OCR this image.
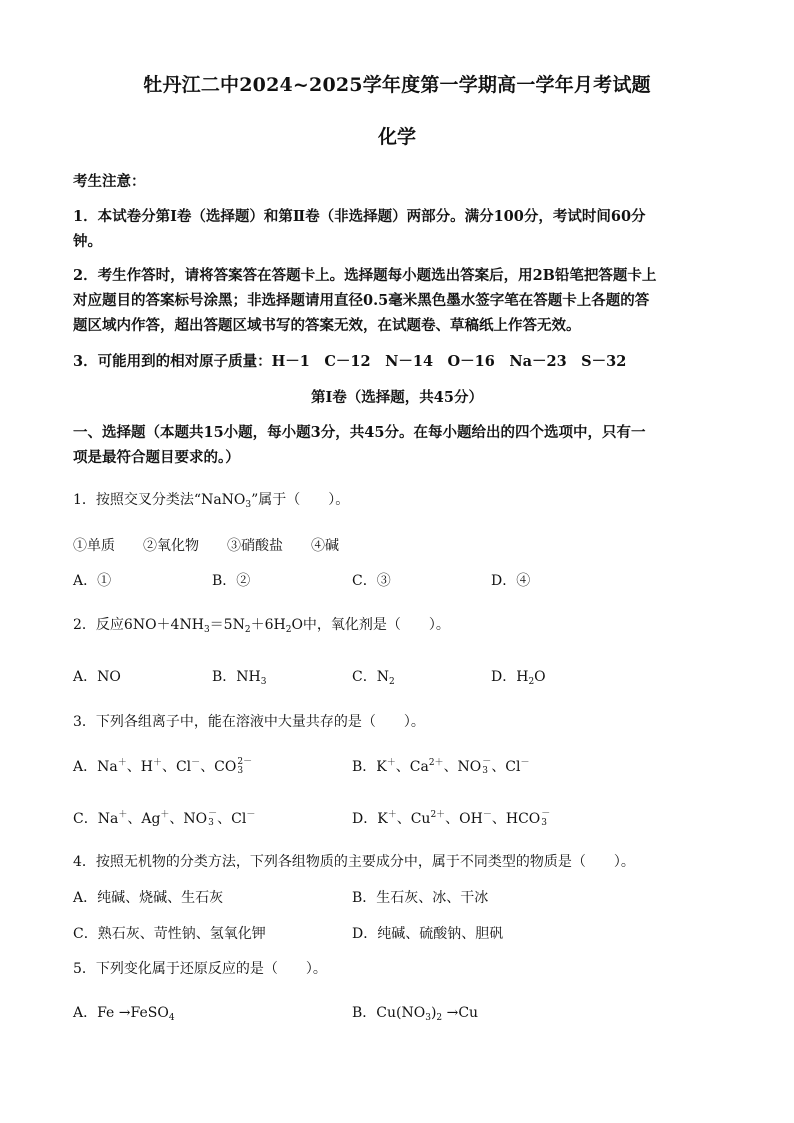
牡丹江二中2024~2025学年度第一学期高一学年月考试题
化学
考生注意：
1．本试卷分第Ⅰ卷（选择题）和第Ⅱ卷（非选择题）两部分。满分100分，考试时间60分
钟。
2．考生作答时，请将答案答在答题卡上。选择题每小题选出答案后，用2B铅笔把答题卡上
对应题目的答案标号涂黑；非选择题请用直径0.5毫米黑色墨水签字笔在答题卡上各题的答
题区域内作答，超出答题区域书写的答案无效，在试题卷、草稿纸上作答无效。
3．可能用到的相对原子质量：H－1　C－12　N－14　O－16　Na－23　S－32
第Ⅰ卷（选择题，共45分）
一、选择题（本题共15小题，每小题3分，共45分。在每小题给出的四个选项中，只有一
项是最符合题目要求的。）
1．按照交叉分类法“NaNO$_3$”属于（　　）。
①单质　　②氧化物　　③硝酸盐　　④碱
A．①	B．②	C．③	D．④
2．反应$6NO+4NH_3=5N_2+6H_2O$中，氧化剂是（　　）。
A．NO	B．$NH_3$	C．$N_2$	D．$H_2O$
3．下列各组离子中，能在溶液中大量共存的是（　　）。
A．Na＋、H＋、Cl－、CO 2－
3	B．K＋、$Ca^{2+}$、NO －
3 、Cl－
C．Na＋、Ag＋、NO －
3 、Cl－	D．K＋、$Cu^{2+}$、OH－、HCO －
3
4．按照无机物的分类方法，下列各组物质的主要成分中，属于不同类型的物质是（　　）。
A．纯碱、烧碱、生石灰	B．生石灰、冰、干冰
C．熟石灰、苛性钠、氢氧化钾	D．纯碱、硫酸钠、胆矾
5．下列变化属于还原反应的是（　　）。
A．Fe →FeSO$_4$	B．$Cu(NO_3)_2 \to Cu$
